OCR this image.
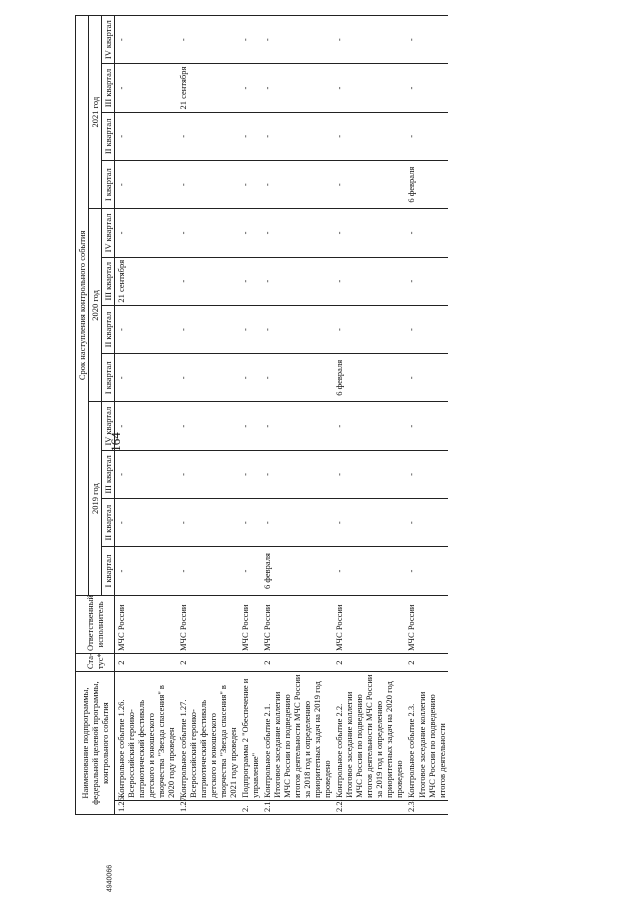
164
4940066
Наименование подпрограммы, федеральной целевой программы, контрольного события		Ста-тус*	Ответственный исполнитель	Срок наступления контрольного события											
				2019 год				2020 год				2021 год			
				I квартал	II квартал	III квартал	IV квартал	I квартал	II квартал	III квартал	IV квартал	I квартал	II квартал	III квартал	IV квартал
1.26.	Контрольное событие 1.26. Всероссийский героико-патриотический фестиваль детского и юношеского творчества "Звезда спасения" в 2020 году проведен	2	МЧС России	-	-	-	-	-	-	21 сентября	-	-	-	-	-
1.27.	Контрольное событие 1.27. Всероссийский героико-патриотический фестиваль детского и юношеского творчества "Звезда спасения" в 2021 году проведен	2	МЧС России	-	-	-	-	-	-	-	-	-	-	21 сентября	-
2.	Подпрограмма 2 "Обеспечение и управление"		МЧС России	-	-	-	-	-	-	-	-	-	-	-	-
2.1.	Контрольное событие 2.1. Итоговое заседание коллегии МЧС России по подведению итогов деятельности МЧС России за 2018 год и определению приоритетных задач на 2019 год проведено	2	МЧС России	6 февраля	-	-	-	-	-	-	-	-	-	-	-
2.2.	Контрольное событие 2.2. Итоговое заседание коллегии МЧС России по подведению итогов деятельности МЧС России за 2019 год и определению приоритетных задач на 2020 год проведено	2	МЧС России	-	-	-	-	6 февраля	-	-	-	-	-	-	-
2.3.	Контрольное событие 2.3. Итоговое заседание коллегии МЧС России по подведению итогов деятельности	2	МЧС России	-	-	-	-	-	-	-	-	6 февраля	-	-	-
